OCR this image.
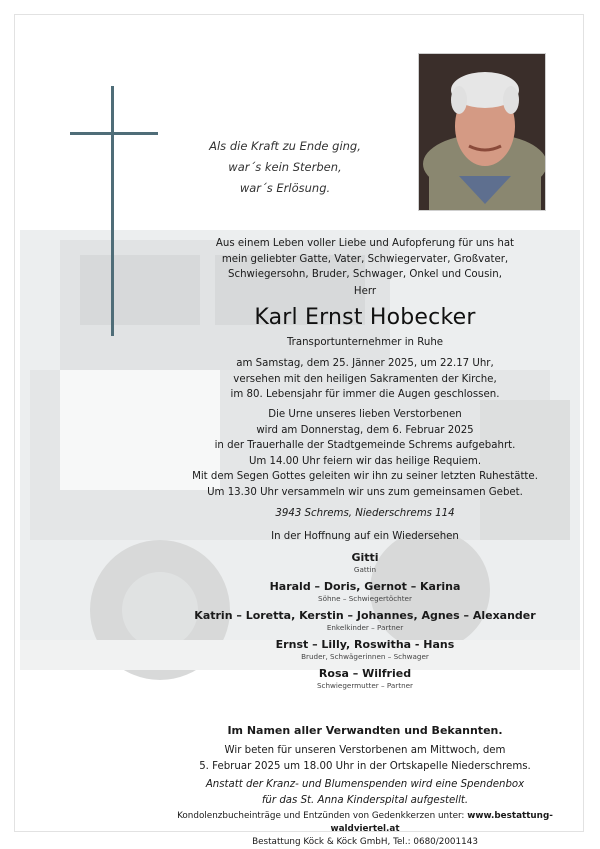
Als die Kraft zu Ende ging,

war´s kein Sterben,

war´s Erlösung.

Aus einem Leben voller Liebe und Aufopferung für uns hat

mein geliebter Gatte, Vater, Schwiegervater, Großvater,

Schwiegersohn, Bruder, Schwager, Onkel und Cousin,

Herr
Karl Ernst Hobecker
Transportunternehmer in Ruhe

am Samstag, dem 25. Jänner 2025, um 22.17 Uhr,

versehen mit den heiligen Sakramenten der Kirche,

im 80. Lebensjahr für immer die Augen geschlossen.

Die Urne unseres lieben Verstorbenen

wird am Donnerstag, dem 6. Februar 2025

in der Trauerhalle der Stadtgemeinde Schrems aufgebahrt.

Um 14.00 Uhr feiern wir das heilige Requiem.

Mit dem Segen Gottes geleiten wir ihn zu seiner letzten Ruhestätte.

Um 13.30 Uhr versammeln wir uns zum gemeinsamen Gebet.

3943 Schrems, Niederschrems 114
In der Hoffnung auf ein Wiedersehen

Gitti

Gattin

Harald – Doris, Gernot – Karina

Söhne – Schwiegertöchter

Katrin – Loretta, Kerstin – Johannes, Agnes – Alexander

Enkelkinder – Partner

Ernst – Lilly, Roswitha - Hans

Bruder, Schwägerinnen – Schwager

Rosa – Wilfried

Schwiegermutter – Partner

Im Namen aller Verwandten und Bekannten.

Wir beten für unseren Verstorbenen am Mittwoch, dem

5. Februar 2025 um 18.00 Uhr in der Ortskapelle Niederschrems.

Anstatt der Kranz- und Blumenspenden wird eine Spendenbox

für das St. Anna Kinderspital aufgestellt.

Kondolenzbucheinträge und Entzünden von Gedenkkerzen unter: www.bestattung-waldviertel.at

Bestattung Köck & Köck GmbH, Tel.: 0680/2001143
